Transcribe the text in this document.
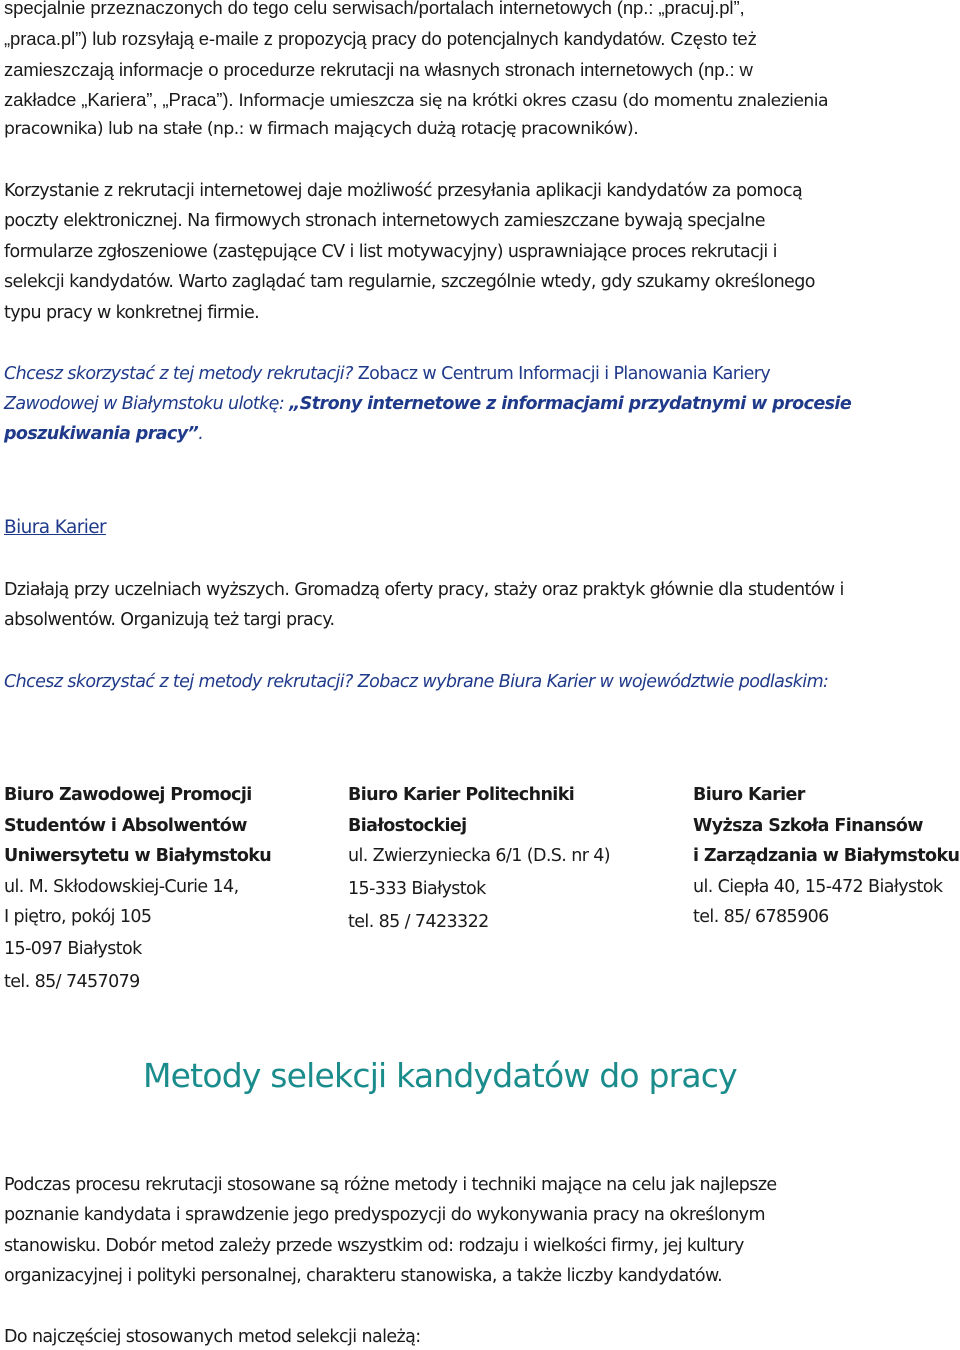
specjalnie przeznaczonych do tego celu serwisach/portalach internetowych (np.: „pracuj.pl”,
„praca.pl”) lub rozsyłają e-maile z propozycją pracy do potencjalnych kandydatów. Często też
zamieszczają informacje o procedurze rekrutacji na własnych stronach internetowych (np.: w
zakładce „Kariera”, „Praca”). Informacje umieszcza się na krótki okres czasu (do momentu znalezienia
pracownika) lub na stałe (np.: w firmach mających dużą rotację pracowników).
Korzystanie z rekrutacji internetowej daje możliwość przesyłania aplikacji kandydatów za pomocą
poczty elektronicznej. Na firmowych stronach internetowych zamieszczane bywają specjalne
formularze zgłoszeniowe (zastępujące CV i list motywacyjny) usprawniające proces rekrutacji i
selekcji kandydatów. Warto zaglądać tam regularnie, szczególnie wtedy, gdy szukamy określonego
typu pracy w konkretnej firmie.
Chcesz skorzystać z tej metody rekrutacji? Zobacz w Centrum Informacji i Planowania Kariery
Zawodowej w Białymstoku ulotkę: „Strony internetowe z informacjami przydatnymi w procesie
poszukiwania pracy”.
Biura Karier
Działają przy uczelniach wyższych. Gromadzą oferty pracy, staży oraz praktyk głównie dla studentów i
absolwentów. Organizują też targi pracy.
Chcesz skorzystać z tej metody rekrutacji? Zobacz wybrane Biura Karier w województwie podlaskim:
Biuro Zawodowej Promocji
Studentów i Absolwentów
Uniwersytetu w Białymstoku
ul. M. Skłodowskiej-Curie 14,
I piętro, pokój 105
15-097 Białystok
tel. 85/ 7457079
Biuro Karier Politechniki
Białostockiej
ul. Zwierzyniecka 6/1 (D.S. nr 4)
15-333 Białystok
tel. 85 / 7423322
Biuro Karier
Wyższa Szkoła Finansów
i Zarządzania w Białymstoku
ul. Ciepła 40, 15-472 Białystok
tel. 85/ 6785906
Metody selekcji kandydatów do pracy
Podczas procesu rekrutacji stosowane są różne metody i techniki mające na celu jak najlepsze
poznanie kandydata i sprawdzenie jego predyspozycji do wykonywania pracy na określonym
stanowisku. Dobór metod zależy przede wszystkim od: rodzaju i wielkości firmy, jej kultury
organizacyjnej i polityki personalnej, charakteru stanowiska, a także liczby kandydatów.
Do najczęściej stosowanych metod selekcji należą:
